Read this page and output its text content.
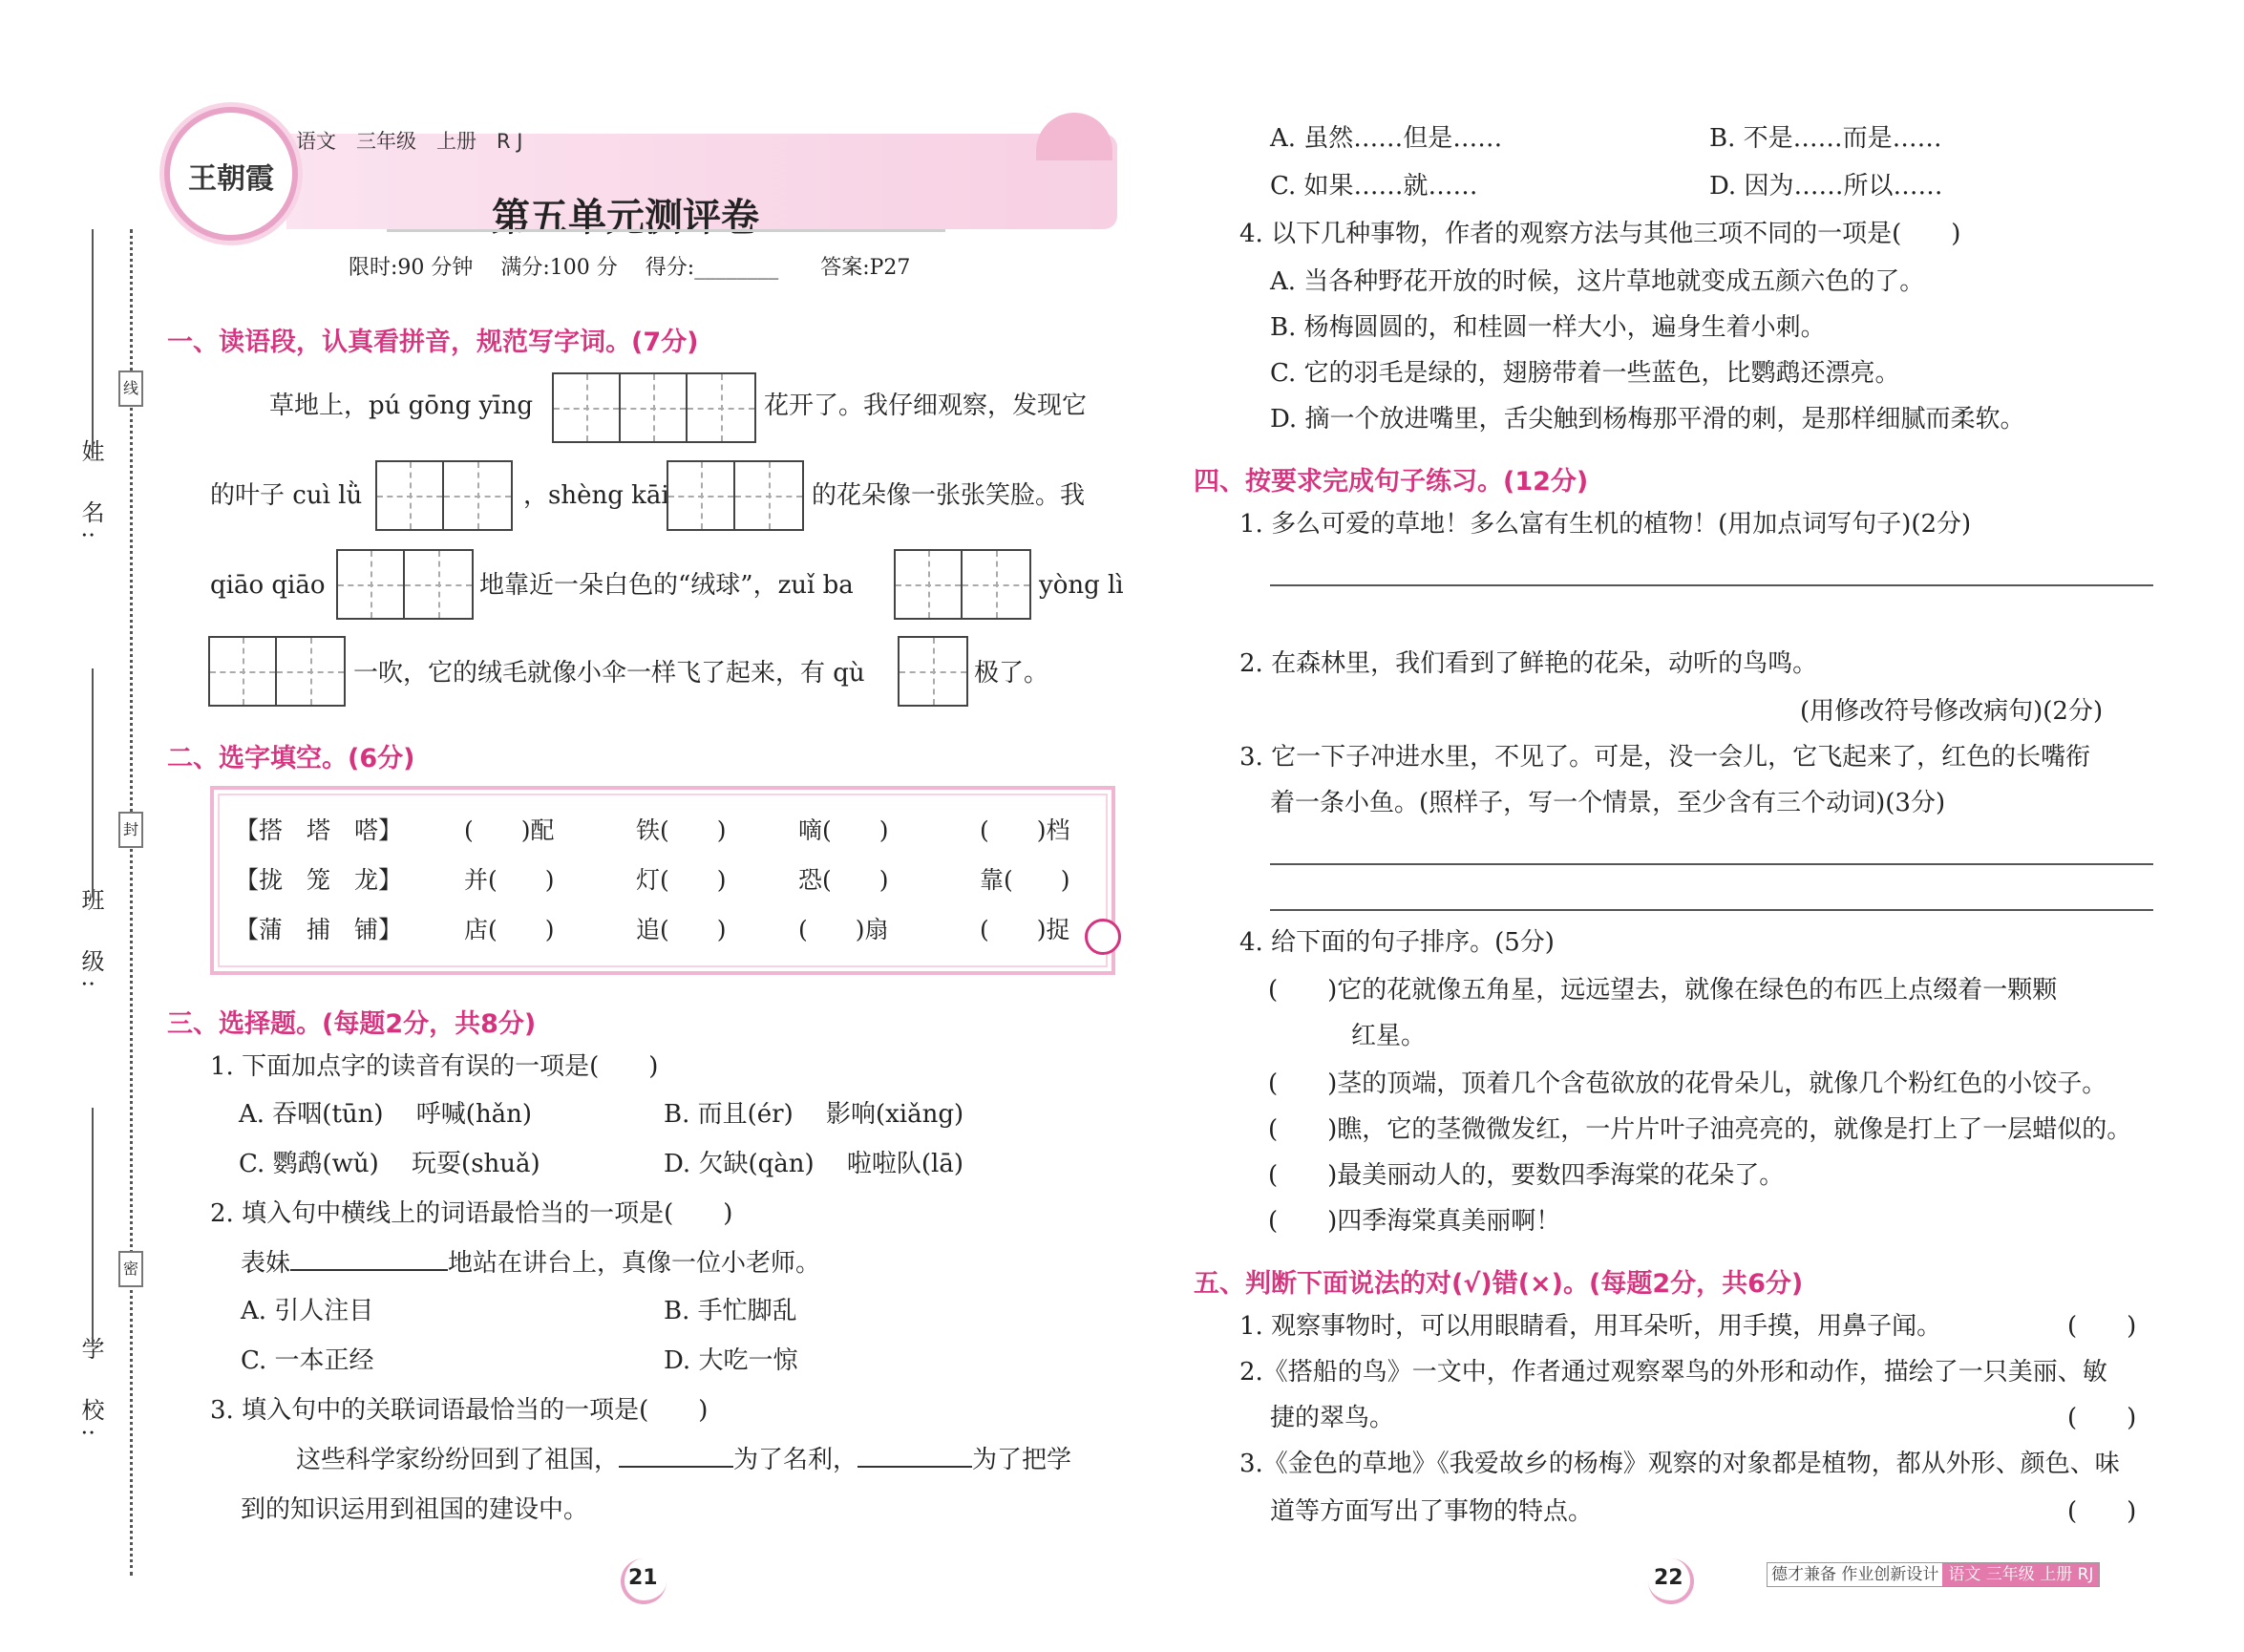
姓　名:
班　级:
学　校:
线
封
密
王朝霞
语文　三年级　上册　R J
第五单元测评卷
限时:90 分钟　 满分:100 分　 得分:________　　答案:P27
一、读语段，认真看拼音，规范写字词。(7分)
草地上，pú gōng yīng	花开了。我仔细观察，发现它
的叶子 cuì lǜ	，shèng kāi	的花朵像一张张笑脸。我
qiāo qiāo	地靠近一朵白色的“绒球”，zuǐ ba	yòng lì
一吹，它的绒毛就像小伞一样飞了起来，有 qù	极了。
二、选字填空。(6分)
【搭　塔　嗒】	(　　)配	铁(　　)	嘀(　　)	(　　)档
【拢　笼　龙】	并(　　)	灯(　　)	恐(　　)	靠(　　)
【蒲　捕　铺】	店(　　)	追(　　)	(　　)扇	(　　)捉
三、选择题。(每题2分，共8分)
1. 下面加点字的读音有误的一项是(　　)
A. 吞咽(tūn)　 呼喊(hǎn)	B. 而且(ér)　 影响(xiǎng)
C. 鹦鹉(wǔ)　 玩耍(shuǎ)	D. 欠缺(qàn)　 啦啦队(lā)
2. 填入句中横线上的词语最恰当的一项是(　　)
表妹	地站在讲台上，真像一位小老师。
A. 引人注目	B. 手忙脚乱
C. 一本正经	D. 大吃一惊
3. 填入句中的关联词语最恰当的一项是(　　)
这些科学家纷纷回到了祖国，	为了名利，	为了把学
到的知识运用到祖国的建设中。
21
A. 虽然……但是……	B. 不是……而是……
C. 如果……就……	D. 因为……所以……
4. 以下几种事物，作者的观察方法与其他三项不同的一项是(　　)
A. 当各种野花开放的时候，这片草地就变成五颜六色的了。
B. 杨梅圆圆的，和桂圆一样大小，遍身生着小刺。
C. 它的羽毛是绿的，翅膀带着一些蓝色，比鹦鹉还漂亮。
D. 摘一个放进嘴里，舌尖触到杨梅那平滑的刺，是那样细腻而柔软。
四、按要求完成句子练习。(12分)
1. 多么可爱的草地！多么富有生机的植物！(用加点词写句子)(2分)
2. 在森林里，我们看到了鲜艳的花朵，动听的鸟鸣。
(用修改符号修改病句)(2分)
3. 它一下子冲进水里，不见了。可是，没一会儿，它飞起来了，红色的长嘴衔
着一条小鱼。(照样子，写一个情景，至少含有三个动词)(3分)
4. 给下面的句子排序。(5分)
(　　)它的花就像五角星，远远望去，就像在绿色的布匹上点缀着一颗颗
红星。
(　　)茎的顶端，顶着几个含苞欲放的花骨朵儿，就像几个粉红色的小饺子。
(　　)瞧，它的茎微微发红，一片片叶子油亮亮的，就像是打上了一层蜡似的。
(　　)最美丽动人的，要数四季海棠的花朵了。
(　　)四季海棠真美丽啊！
五、判断下面说法的对(√)错(×)。(每题2分，共6分)
1. 观察事物时，可以用眼睛看，用耳朵听，用手摸，用鼻子闻。	(　　)
2.《搭船的鸟》一文中，作者通过观察翠鸟的外形和动作，描绘了一只美丽、敏
捷的翠鸟。	(　　)
3.《金色的草地》《我爱故乡的杨梅》观察的对象都是植物，都从外形、颜色、味
道等方面写出了事物的特点。	(　　)
22	德才兼备 作业创新设计 语文 三年级 上册 RJ
